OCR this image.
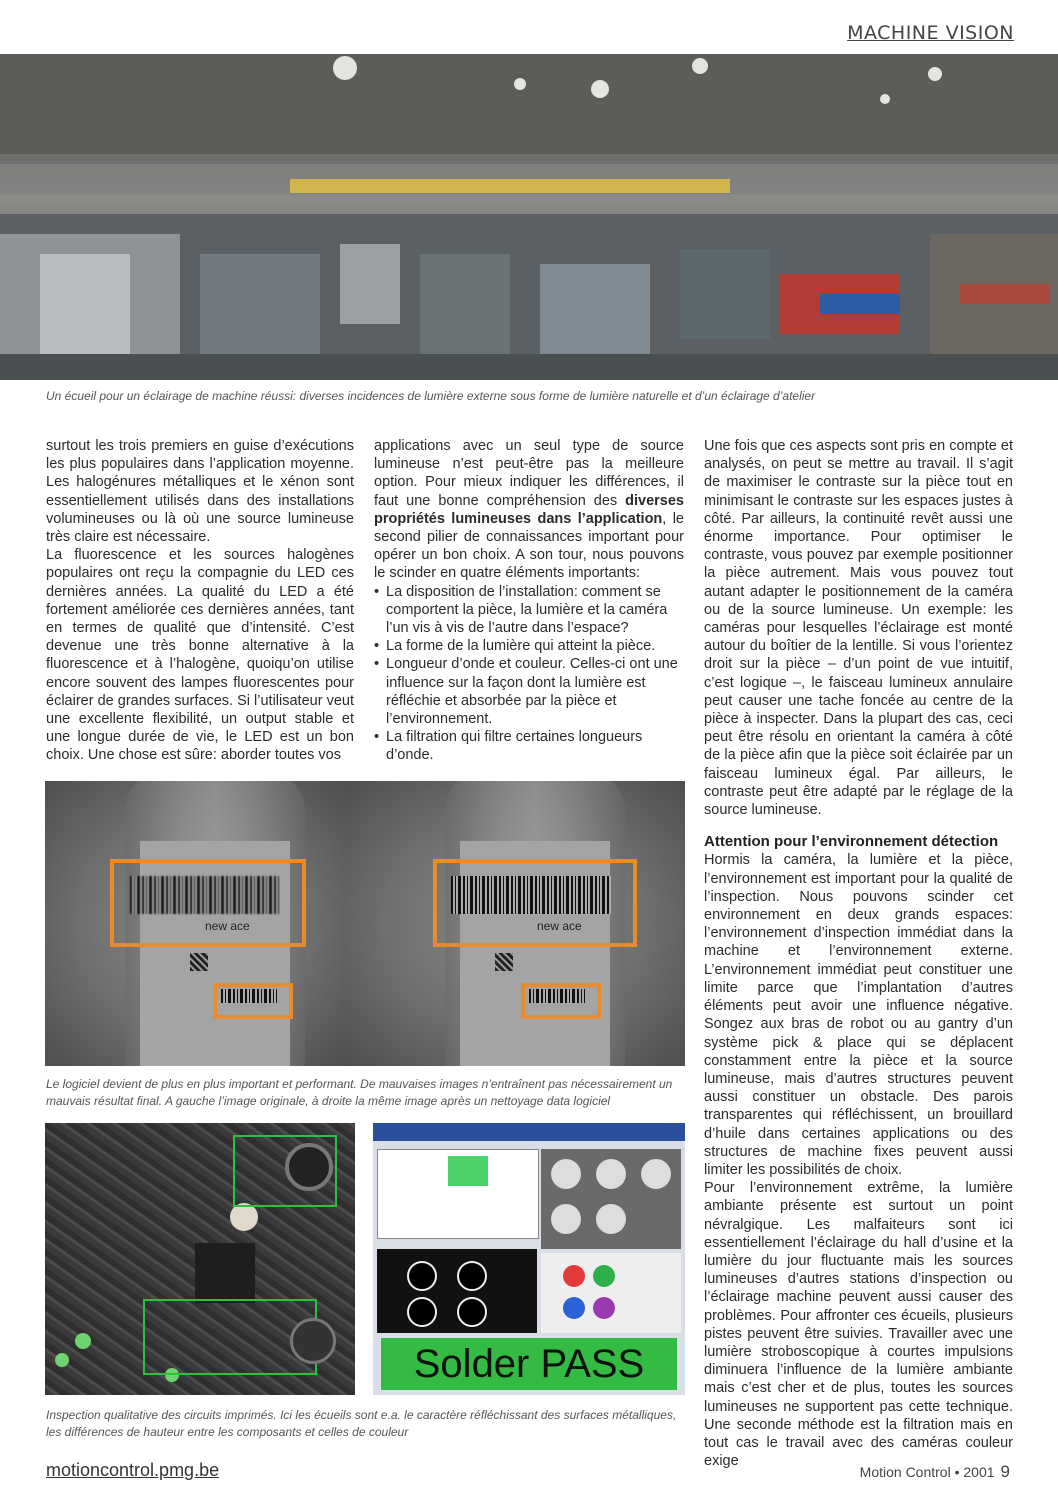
MACHINE VISION
Un écueil pour un éclairage de machine réussi: diverses incidences de lumière externe sous forme de lumière naturelle et d’un éclairage d’atelier

surtout les trois premiers en guise d’exécutions les plus populaires dans l’application moyenne. Les halogénures métalliques et le xénon sont essentiellement utilisés dans des installations volumineuses ou là où une source lumineuse très claire est nécessaire.

La fluorescence et les sources halogènes populaires ont reçu la compagnie du LED ces dernières années. La qualité du LED a été fortement améliorée ces dernières années, tant en termes de qualité que d’intensité. C’est devenue une très bonne alternative à la fluorescence et à l’halogène, quoiqu’on utilise encore souvent des lampes fluorescentes pour éclairer de grandes surfaces. Si l’utilisateur veut une excellente flexibilité, un output stable et une longue durée de vie, le LED est un bon choix. Une chose est sûre: aborder toutes vos

applications avec un seul type de source lumineuse n’est peut-être pas la meilleure option. Pour mieux indiquer les différences, il faut une bonne compréhension des diverses propriétés lumineuses dans l’application, le second pilier de connaissances important pour opérer un bon choix. A son tour, nous pouvons le scinder en quatre éléments importants:

• La disposition de l’installation: comment se comportent la pièce, la lumière et la caméra l’un vis à vis de l’autre dans l’espace?
• La forme de la lumière qui atteint la pièce.
• Longueur d’onde et couleur. Celles-ci ont une influence sur la façon dont la lumière est réfléchie et absorbée par la pièce et l’environnement.
• La filtration qui filtre certaines longueurs d’onde.

Une fois que ces aspects sont pris en compte et analysés, on peut se mettre au travail. Il s’agit de maximiser le contraste sur la pièce tout en minimisant le contraste sur les espaces justes à côté. Par ailleurs, la continuité revêt aussi une énorme importance. Pour optimiser le contraste, vous pouvez par exemple positionner la pièce autrement. Mais vous pouvez tout autant adapter le positionnement de la caméra ou de la source lumineuse. Un exemple: les caméras pour lesquelles l’éclairage est monté autour du boîtier de la lentille. Si vous l’orientez droit sur la pièce – d’un point de vue intuitif, c’est logique –, le faisceau lumineux annulaire peut causer une tache foncée au centre de la pièce à inspecter. Dans la plupart des cas, ceci peut être résolu en orientant la caméra à côté de la pièce afin que la pièce soit éclairée par un faisceau lumineux égal. Par ailleurs, le contraste peut être adapté par le réglage de la source lumineuse.

Attention pour l’environnement détection

Hormis la caméra, la lumière et la pièce, l’environnement est important pour la qualité de l’inspection. Nous pouvons scinder cet environnement en deux grands espaces: l’environnement d’inspection immédiat dans la machine et l’environnement externe. L’environnement immédiat peut constituer une limite parce que l’implantation d’autres éléments peut avoir une influence négative. Songez aux bras de robot ou au gantry d’un système pick & place qui se déplacent constamment entre la pièce et la source lumineuse, mais d’autres structures peuvent aussi constituer un obstacle. Des parois transparentes qui réfléchissent, un brouillard d’huile dans certaines applications ou des structures de machine fixes peuvent aussi limiter les possibilités de choix.

Pour l’environnement extrême, la lumière ambiante présente est surtout un point névralgique. Les malfaiteurs sont ici essentiellement l’éclairage du hall d’usine et la lumière du jour fluctuante mais les sources lumineuses d’autres stations d’inspection ou l’éclairage machine peuvent aussi causer des problèmes. Pour affronter ces écueils, plusieurs pistes peuvent être suivies. Travailler avec une lumière stroboscopique à courtes impulsions diminuera l’influence de la lumière ambiante mais c’est cher et de plus, toutes les sources lumineuses ne supportent pas cette technique. Une seconde méthode est la filtration mais en tout cas le travail avec des caméras couleur exige

new ace	new ace
Le logiciel devient de plus en plus important et performant. De mauvaises images n’entraînent pas nécessairement un mauvais résultat final. A gauche l’image originale, à droite la même image après un nettoyage data logiciel
Solder PASS
Inspection qualitative des circuits imprimés. Ici les écueils sont e.a. le caractère réfléchissant des surfaces métalliques, les différences de hauteur entre les composants et celles de couleur
motioncontrol.pmg.be	Motion Control • 2001 9
